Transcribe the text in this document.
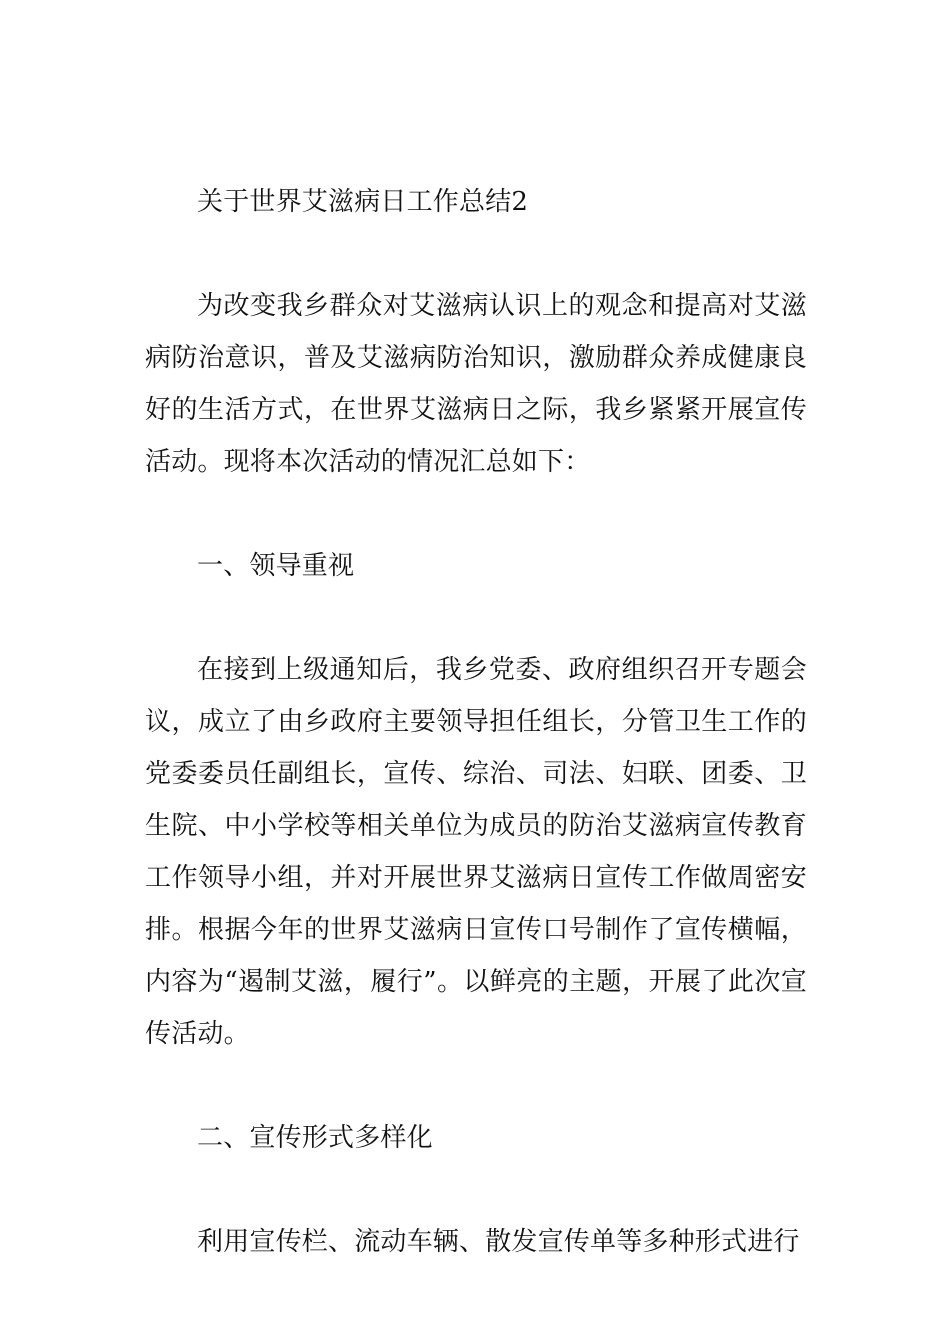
关于世界艾滋病日工作总结2

为改变我乡群众对艾滋病认识上的观念和提高对艾滋病防治意识，普及艾滋病防治知识，激励群众养成健康良好的生活方式，在世界艾滋病日之际，我乡紧紧开展宣传活动。现将本次活动的情况汇总如下：

一、领导重视

在接到上级通知后，我乡党委、政府组织召开专题会议，成立了由乡政府主要领导担任组长，分管卫生工作的党委委员任副组长，宣传、综治、司法、妇联、团委、卫生院、中小学校等相关单位为成员的防治艾滋病宣传教育工作领导小组，并对开展世界艾滋病日宣传工作做周密安排。根据今年的世界艾滋病日宣传口号制作了宣传横幅，内容为“遏制艾滋，履行”。以鲜亮的主题，开展了此次宣传活动。

二、宣传形式多样化

利用宣传栏、流动车辆、散发宣传单等多种形式进行
